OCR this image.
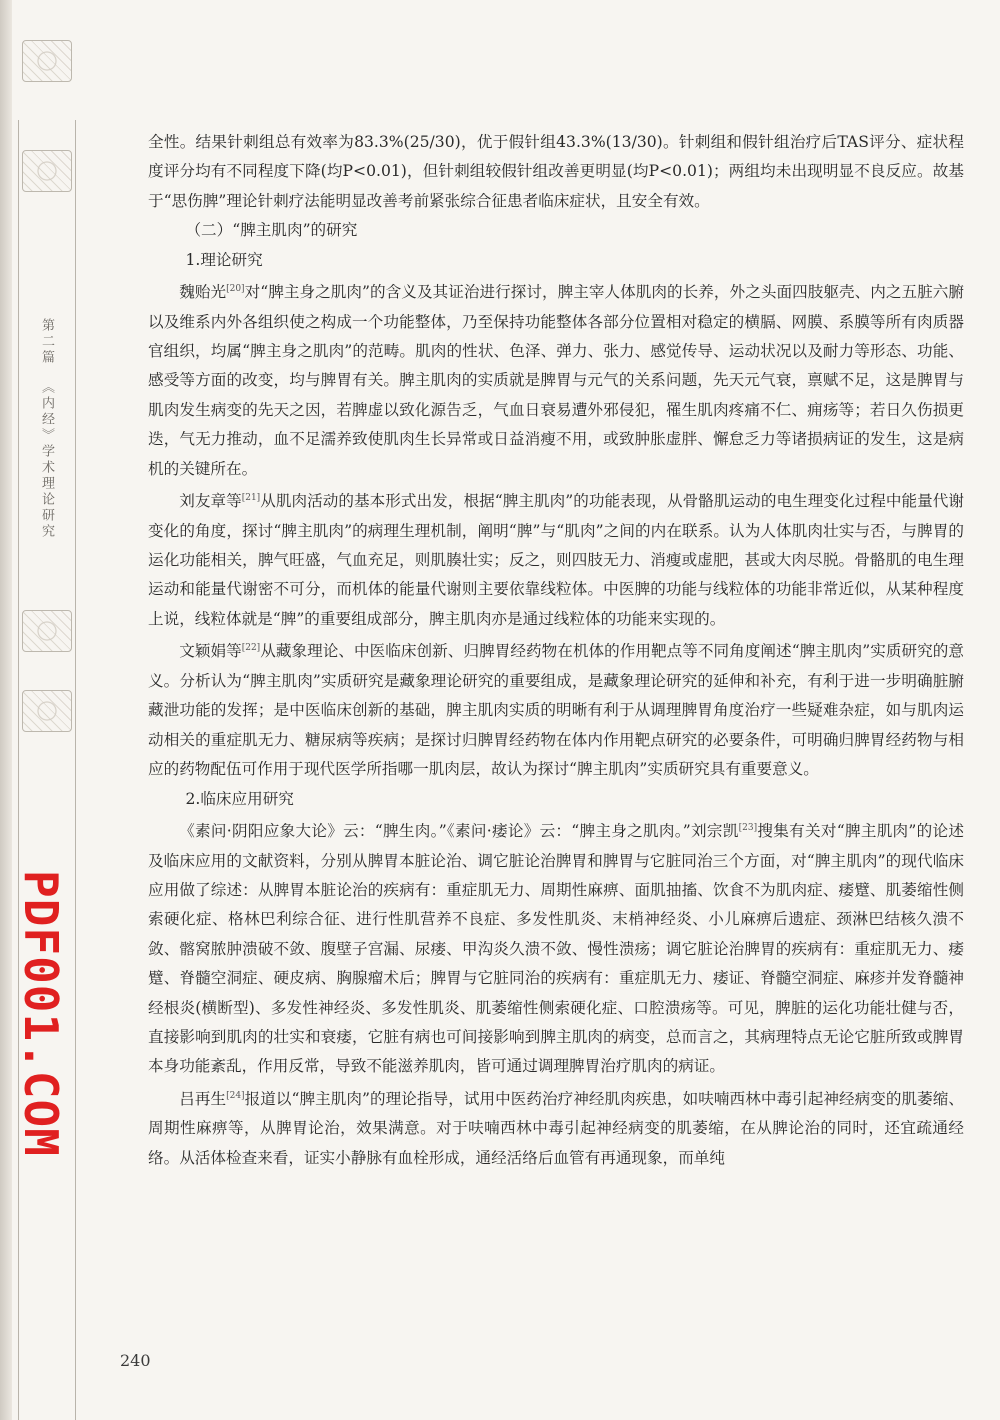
第二篇《内经》学术理论研究
PDF001.COM

全性。结果针刺组总有效率为83.3%(25/30)，优于假针组43.3%(13/30)。针刺组和假针组治疗后TAS评分、症状程度评分均有不同程度下降(均P<0.01)，但针刺组较假针组改善更明显(均P<0.01)；两组均未出现明显不良反应。故基于“思伤脾”理论针刺疗法能明显改善考前紧张综合征患者临床症状，且安全有效。

（二）“脾主肌肉”的研究

1.理论研究

魏贻光[20]对“脾主身之肌肉”的含义及其证治进行探讨，脾主宰人体肌肉的长养，外之头面四肢躯壳、内之五脏六腑以及维系内外各组织使之构成一个功能整体，乃至保持功能整体各部分位置相对稳定的横膈、网膜、系膜等所有肉质器官组织，均属“脾主身之肌肉”的范畴。肌肉的性状、色泽、弹力、张力、感觉传导、运动状况以及耐力等形态、功能、感受等方面的改变，均与脾胃有关。脾主肌肉的实质就是脾胃与元气的关系问题，先天元气衰，禀赋不足，这是脾胃与肌肉发生病变的先天之因，若脾虚以致化源告乏，气血日衰易遭外邪侵犯，罹生肌肉疼痛不仁、痈疡等；若日久伤损更迭，气无力推动，血不足濡养致使肌肉生长异常或日益消瘦不用，或致肿胀虚胖、懈怠乏力等诸损病证的发生，这是病机的关键所在。

刘友章等[21]从肌肉活动的基本形式出发，根据“脾主肌肉”的功能表现，从骨骼肌运动的电生理变化过程中能量代谢变化的角度，探讨“脾主肌肉”的病理生理机制，阐明“脾”与“肌肉”之间的内在联系。认为人体肌肉壮实与否，与脾胃的运化功能相关，脾气旺盛，气血充足，则肌腠壮实；反之，则四肢无力、消瘦或虚肥，甚或大肉尽脱。骨骼肌的电生理运动和能量代谢密不可分，而机体的能量代谢则主要依靠线粒体。中医脾的功能与线粒体的功能非常近似，从某种程度上说，线粒体就是“脾”的重要组成部分，脾主肌肉亦是通过线粒体的功能来实现的。

文颖娟等[22]从藏象理论、中医临床创新、归脾胃经药物在机体的作用靶点等不同角度阐述“脾主肌肉”实质研究的意义。分析认为“脾主肌肉”实质研究是藏象理论研究的重要组成，是藏象理论研究的延伸和补充，有利于进一步明确脏腑藏泄功能的发挥；是中医临床创新的基础，脾主肌肉实质的明晰有利于从调理脾胃角度治疗一些疑难杂症，如与肌肉运动相关的重症肌无力、糖尿病等疾病；是探讨归脾胃经药物在体内作用靶点研究的必要条件，可明确归脾胃经药物与相应的药物配伍可作用于现代医学所指哪一肌肉层，故认为探讨“脾主肌肉”实质研究具有重要意义。

2.临床应用研究

《素问·阴阳应象大论》云：“脾生肉。”《素问·痿论》云：“脾主身之肌肉。”刘宗凯[23]搜集有关对“脾主肌肉”的论述及临床应用的文献资料，分别从脾胃本脏论治、调它脏论治脾胃和脾胃与它脏同治三个方面，对“脾主肌肉”的现代临床应用做了综述：从脾胃本脏论治的疾病有：重症肌无力、周期性麻痹、面肌抽搐、饮食不为肌肉症、痿躄、肌萎缩性侧索硬化症、格林巴利综合征、进行性肌营养不良症、多发性肌炎、末梢神经炎、小儿麻痹后遗症、颈淋巴结核久溃不敛、髂窝脓肿溃破不敛、腹壁子宫漏、尿瘘、甲沟炎久溃不敛、慢性溃疡；调它脏论治脾胃的疾病有：重症肌无力、痿躄、脊髓空洞症、硬皮病、胸腺瘤术后；脾胃与它脏同治的疾病有：重症肌无力、痿证、脊髓空洞症、麻疹并发脊髓神经根炎(横断型)、多发性神经炎、多发性肌炎、肌萎缩性侧索硬化症、口腔溃疡等。可见，脾脏的运化功能壮健与否，直接影响到肌肉的壮实和衰痿，它脏有病也可间接影响到脾主肌肉的病变，总而言之，其病理特点无论它脏所致或脾胃本身功能紊乱，作用反常，导致不能滋养肌肉，皆可通过调理脾胃治疗肌肉的病证。

吕再生[24]报道以“脾主肌肉”的理论指导，试用中医药治疗神经肌肉疾患，如呋喃西林中毒引起神经病变的肌萎缩、周期性麻痹等，从脾胃论治，效果满意。对于呋喃西林中毒引起神经病变的肌萎缩，在从脾论治的同时，还宜疏通经络。从活体检查来看，证实小静脉有血栓形成，通经活络后血管有再通现象，而单纯

240
